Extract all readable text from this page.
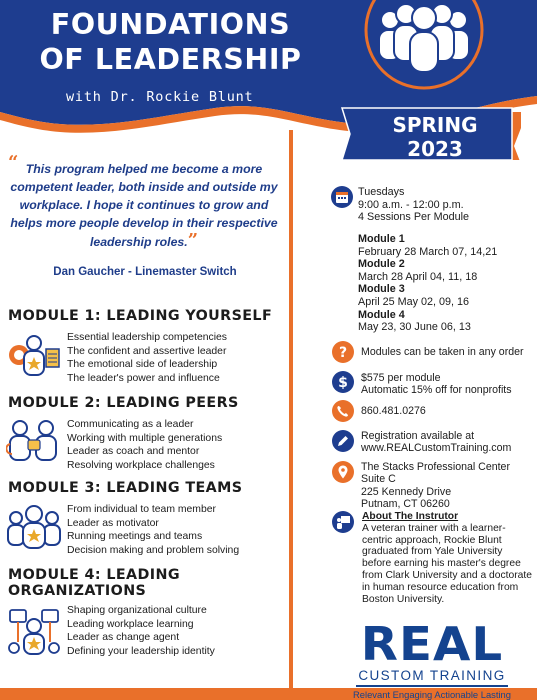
FOUNDATIONS
OF LEADERSHIP
with Dr. Rockie Blunt
SPRING
2023
“ This program helped me become a more competent leader, both inside and outside my workplace. I hope it continues to grow and helps more people develop in their respective leadership roles.”
Dan Gaucher - Linemaster Switch
MODULE 1: LEADING YOURSELF
Essential leadership competencies
The confident and assertive leader
The emotional side of leadership
The leader's power and influence
MODULE 2: LEADING PEERS
Communicating as a leader
Working with multiple generations
Leader as coach and mentor
Resolving workplace challenges
MODULE 3: LEADING TEAMS
From individual to team member
Leader as motivator
Running meetings and teams
Decision making and problem solving
MODULE 4: LEADING
ORGANIZATIONS
Shaping organizational culture
Leading workplace learning
Leader as change agent
Defining your leadership identity
Tuesdays
9:00 a.m. - 12:00 p.m.
4 Sessions Per Module
Module 1
February 28 March 07, 14,21
Module 2
March 28 April 04, 11, 18
Module 3
April 25 May 02, 09, 16
Module 4
May 23, 30 June 06, 13
? Modules can be taken in any order
$ $575 per module
Automatic 15% off for nonprofits
860.481.0276
Registration available at
www.REALCustomTraining.com
The Stacks Professional Center
Suite C
225 Kennedy Drive
Putnam, CT 06260
About The Instrutor
A veteran trainer with a learner-centric approach, Rockie Blunt graduated from Yale University before earning his master's degree from Clark University and a doctorate in human resource education from Boston University.
REAL
CUSTOM TRAINING
Relevant Engaging Actionable Lasting
